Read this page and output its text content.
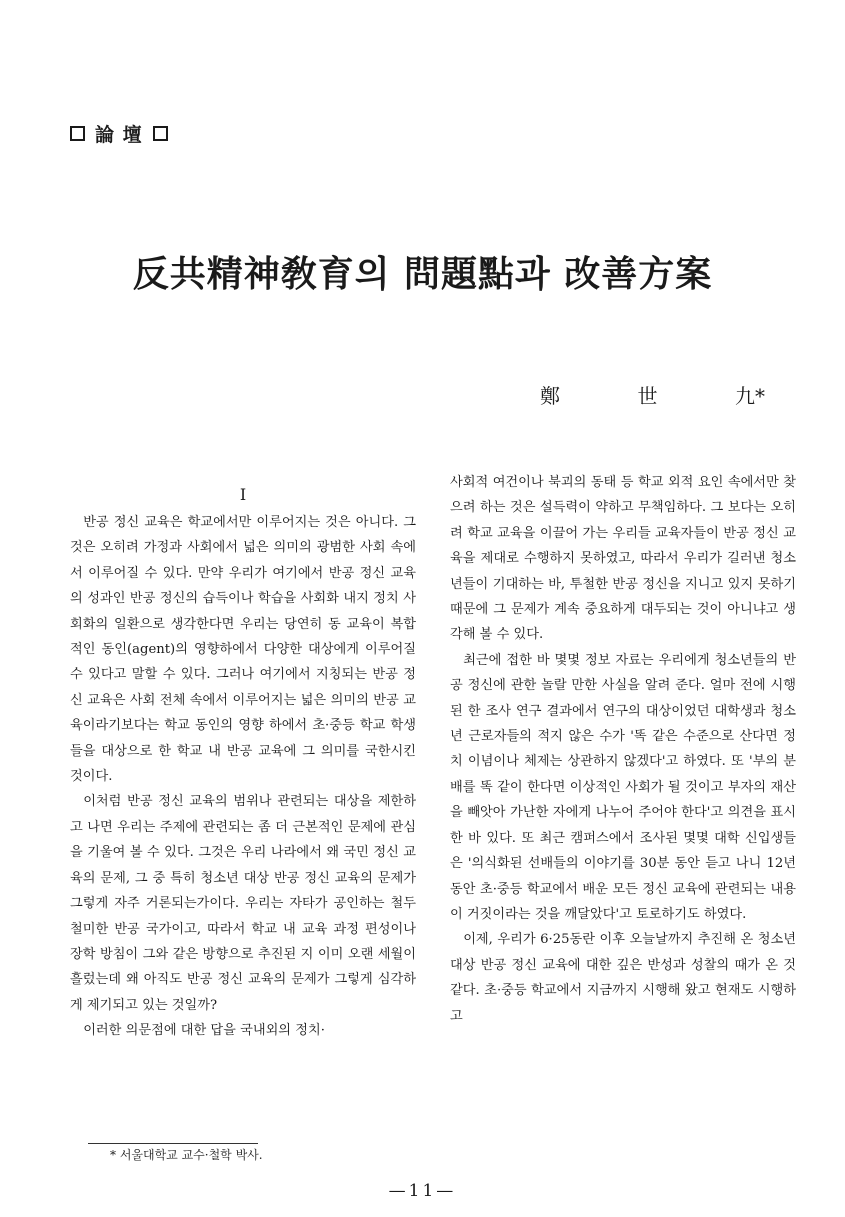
論 壇
反共精神敎育의 問題點과 改善方案
鄭	世	九*
I

반공 정신 교육은 학교에서만 이루어지는 것은 아니다. 그것은 오히려 가정과 사회에서 넓은 의미의 광범한 사회 속에서 이루어질 수 있다. 만약 우리가 여기에서 반공 정신 교육의 성과인 반공 정신의 습득이나 학습을 사회화 내지 정치 사회화의 일환으로 생각한다면 우리는 당연히 동 교육이 복합적인 동인(agent)의 영향하에서 다양한 대상에게 이루어질 수 있다고 말할 수 있다. 그러나 여기에서 지칭되는 반공 정신 교육은 사회 전체 속에서 이루어지는 넓은 의미의 반공 교육이라기보다는 학교 동인의 영향 하에서 초·중등 학교 학생들을 대상으로 한 학교 내 반공 교육에 그 의미를 국한시킨 것이다.

이처럼 반공 정신 교육의 범위나 관련되는 대상을 제한하고 나면 우리는 주제에 관련되는 좀 더 근본적인 문제에 관심을 기울여 볼 수 있다. 그것은 우리 나라에서 왜 국민 정신 교육의 문제, 그 중 특히 청소년 대상 반공 정신 교육의 문제가 그렇게 자주 거론되는가이다. 우리는 자타가 공인하는 철두철미한 반공 국가이고, 따라서 학교 내 교육 과정 편성이나 장학 방침이 그와 같은 방향으로 추진된 지 이미 오랜 세월이 흘렀는데 왜 아직도 반공 정신 교육의 문제가 그렇게 심각하게 제기되고 있는 것일까?

이러한 의문점에 대한 답을 국내외의 정치·

사회적 여건이나 북괴의 동태 등 학교 외적 요인 속에서만 찾으려 하는 것은 설득력이 약하고 무책임하다. 그 보다는 오히려 학교 교육을 이끌어 가는 우리들 교육자들이 반공 정신 교육을 제대로 수행하지 못하였고, 따라서 우리가 길러낸 청소년들이 기대하는 바, 투철한 반공 정신을 지니고 있지 못하기 때문에 그 문제가 계속 중요하게 대두되는 것이 아니냐고 생각해 볼 수 있다.

최근에 접한 바 몇몇 정보 자료는 우리에게 청소년들의 반공 정신에 관한 놀랄 만한 사실을 알려 준다. 얼마 전에 시행된 한 조사 연구 결과에서 연구의 대상이었던 대학생과 청소년 근로자들의 적지 않은 수가 '똑 같은 수준으로 산다면 정치 이념이나 체제는 상관하지 않겠다'고 하였다. 또 '부의 분배를 똑 같이 한다면 이상적인 사회가 될 것이고 부자의 재산을 빼앗아 가난한 자에게 나누어 주어야 한다'고 의견을 표시한 바 있다. 또 최근 캠퍼스에서 조사된 몇몇 대학 신입생들은 '의식화된 선배들의 이야기를 30분 동안 듣고 나니 12년 동안 초·중등 학교에서 배운 모든 정신 교육에 관련되는 내용이 거짓이라는 것을 깨달았다'고 토로하기도 하였다.

이제, 우리가 6·25동란 이후 오늘날까지 추진해 온 청소년 대상 반공 정신 교육에 대한 깊은 반성과 성찰의 때가 온 것 같다. 초·중등 학교에서 지금까지 시행해 왔고 현재도 시행하고

* 서울대학교 교수·철학 박사.
—11—
